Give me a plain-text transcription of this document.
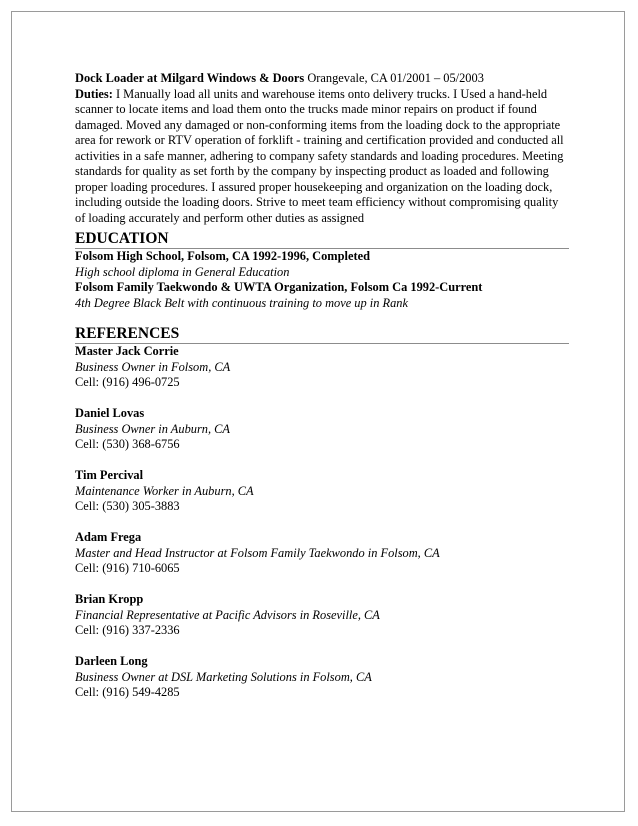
Dock Loader at Milgard Windows & Doors Orangevale, CA 01/2001 – 05/2003
Duties: I Manually load all units and warehouse items onto delivery trucks. I Used a hand-held scanner to locate items and load them onto the trucks made minor repairs on product if found damaged. Moved any damaged or non-conforming items from the loading dock to the appropriate area for rework or RTV operation of forklift - training and certification provided and conducted all activities in a safe manner, adhering to company safety standards and loading procedures. Meeting standards for quality as set forth by the company by inspecting product as loaded and following proper loading procedures. I assured proper housekeeping and organization on the loading dock, including outside the loading doors. Strive to meet team efficiency without compromising quality of loading accurately and perform other duties as assigned

EDUCATION
Folsom High School, Folsom, CA 1992-1996, Completed
High school diploma in General Education
Folsom Family Taekwondo & UWTA Organization, Folsom Ca 1992-Current
4th Degree Black Belt with continuous training to move up in Rank
REFERENCES
Master Jack Corrie
Business Owner in Folsom, CA
Cell: (916) 496-0725
Daniel Lovas
Business Owner in Auburn, CA
Cell: (530) 368-6756
Tim Percival
Maintenance Worker in Auburn, CA
Cell: (530) 305-3883
Adam Frega
Master and Head Instructor at Folsom Family Taekwondo in Folsom, CA
Cell: (916) 710-6065
Brian Kropp
Financial Representative at Pacific Advisors in Roseville, CA
Cell: (916) 337-2336
Darleen Long
Business Owner at DSL Marketing Solutions in Folsom, CA
Cell: (916) 549-4285
